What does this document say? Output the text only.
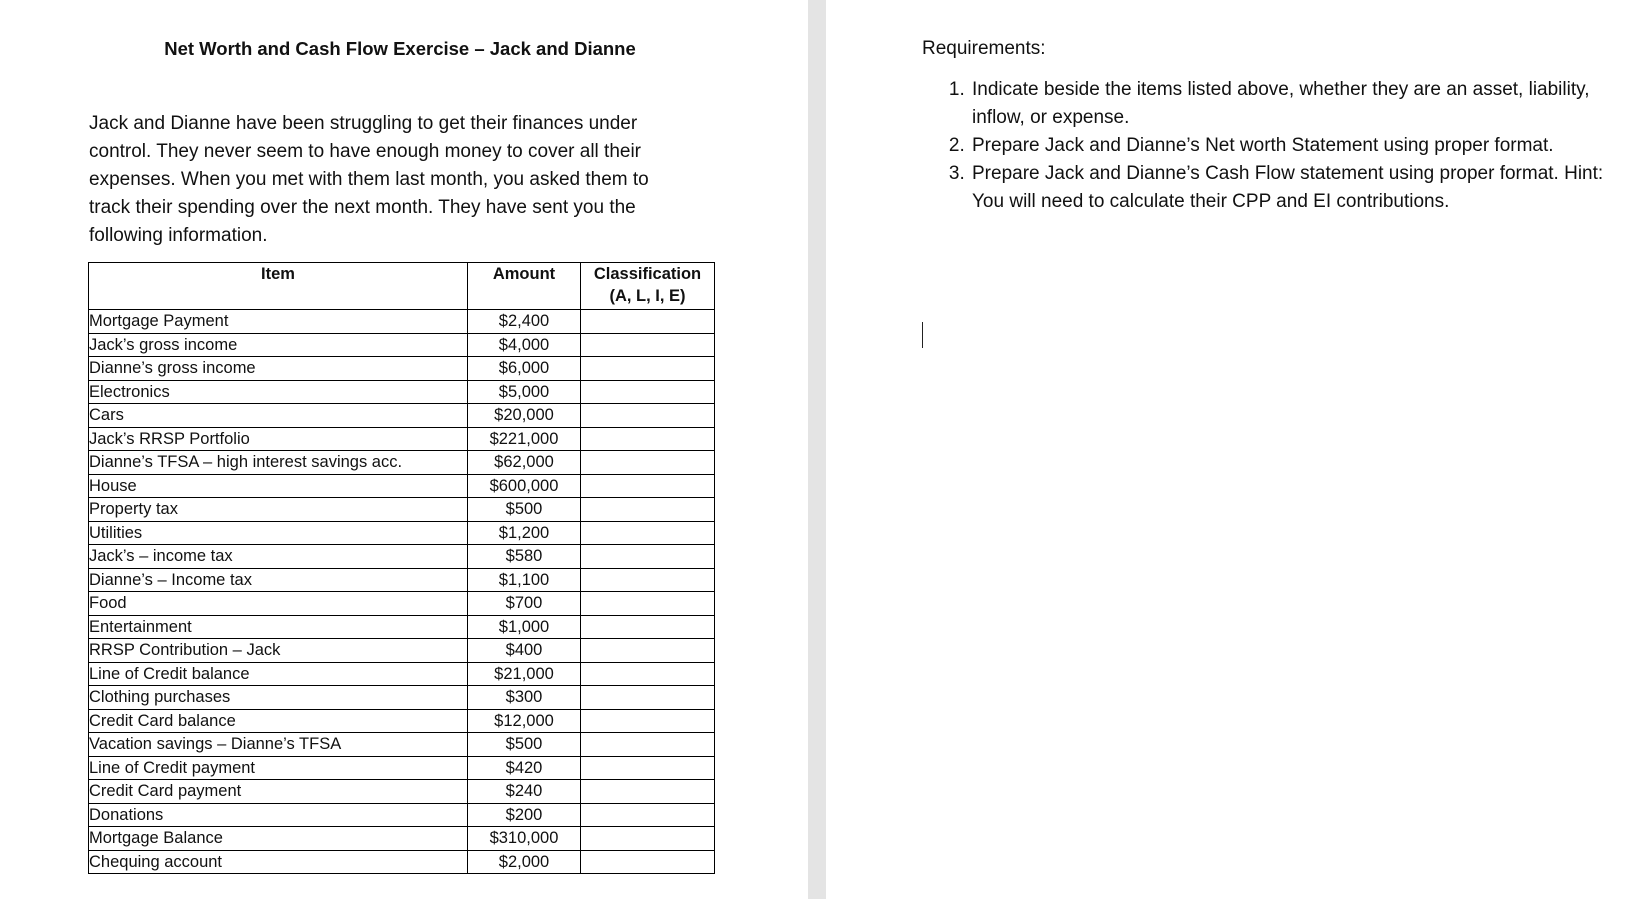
Net Worth and Cash Flow Exercise – Jack and Dianne
Jack and Dianne have been struggling to get their finances under control. They never seem to have enough money to cover all their expenses. When you met with them last month, you asked them to track their spending over the next month. They have sent you the following information.
Item	Amount	Classification
(A, L, I, E)
Mortgage Payment	$2,400	
Jack’s gross income	$4,000	
Dianne’s gross income	$6,000	
Electronics	$5,000	
Cars	$20,000	
Jack’s RRSP Portfolio	$221,000	
Dianne’s TFSA – high interest savings acc.	$62,000	
House	$600,000	
Property tax	$500	
Utilities	$1,200	
Jack’s – income tax	$580	
Dianne’s – Income tax	$1,100	
Food	$700	
Entertainment	$1,000	
RRSP Contribution – Jack	$400	
Line of Credit balance	$21,000	
Clothing purchases	$300	
Credit Card balance	$12,000	
Vacation savings – Dianne’s TFSA	$500	
Line of Credit payment	$420	
Credit Card payment	$240	
Donations	$200	
Mortgage Balance	$310,000	
Chequing account	$2,000	
Requirements:
1. Indicate beside the items listed above, whether they are an asset, liability, inflow, or expense.
2. Prepare Jack and Dianne’s Net worth Statement using proper format.
3. Prepare Jack and Dianne’s Cash Flow statement using proper format. Hint: You will need to calculate their CPP and EI contributions.
